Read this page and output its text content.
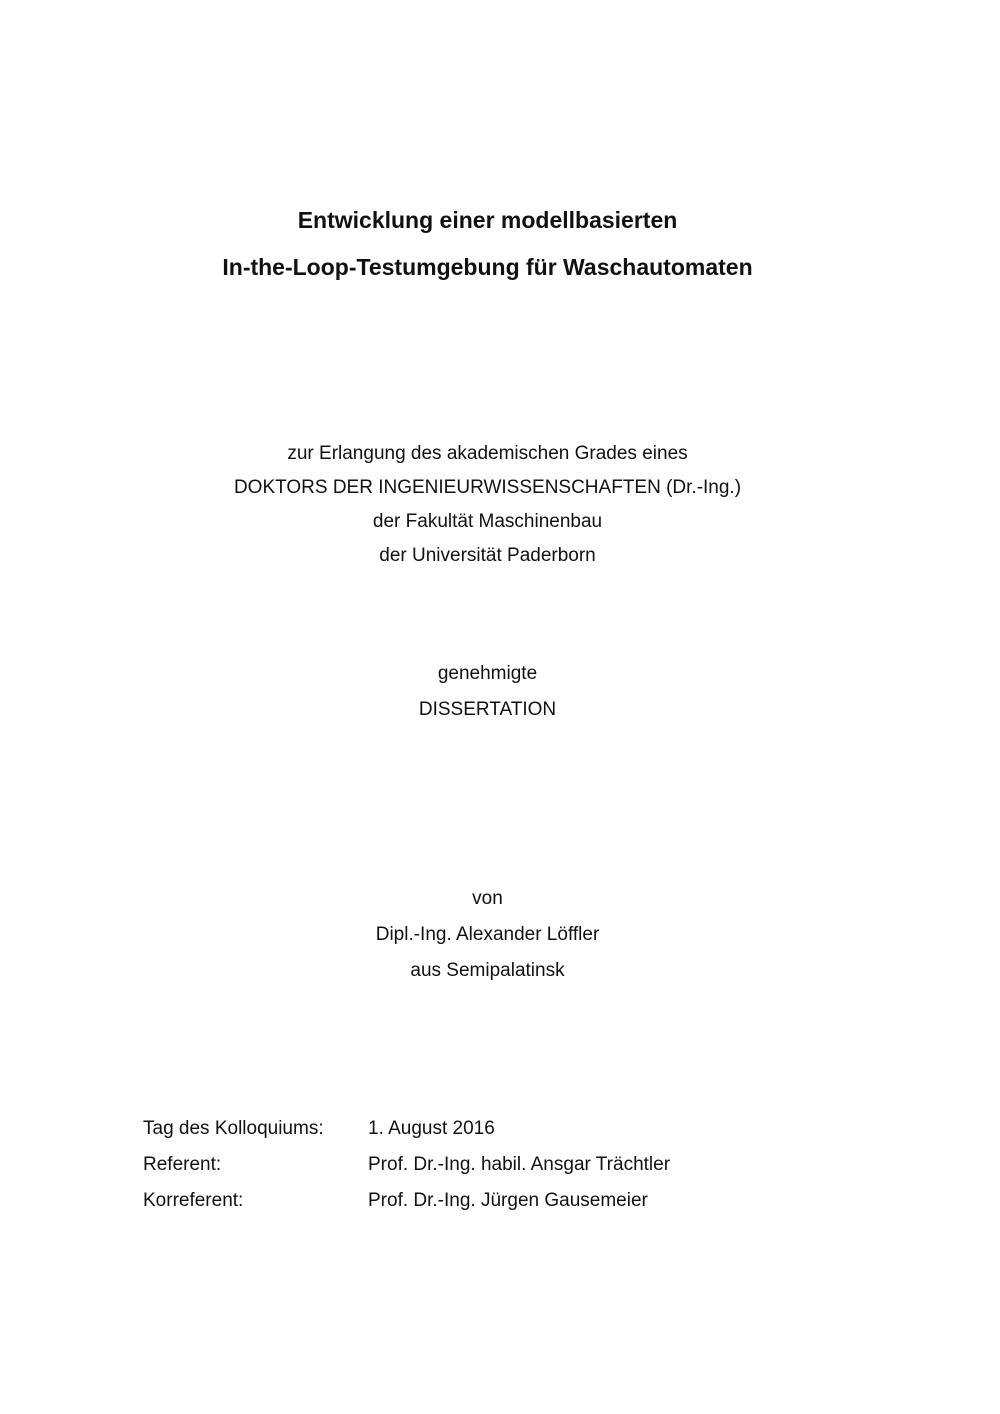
Entwicklung einer modellbasierten

In-the-Loop-Testumgebung für Waschautomaten

zur Erlangung des akademischen Grades eines

DOKTORS DER INGENIEURWISSENSCHAFTEN (Dr.-Ing.)

der Fakultät Maschinenbau

der Universität Paderborn

genehmigte

DISSERTATION

von

Dipl.-Ing. Alexander Löffler

aus Semipalatinsk

Tag des Kolloquiums:	1. August 2016
Referent:	Prof. Dr.-Ing. habil. Ansgar Trächtler
Korreferent:	Prof. Dr.-Ing. Jürgen Gausemeier
